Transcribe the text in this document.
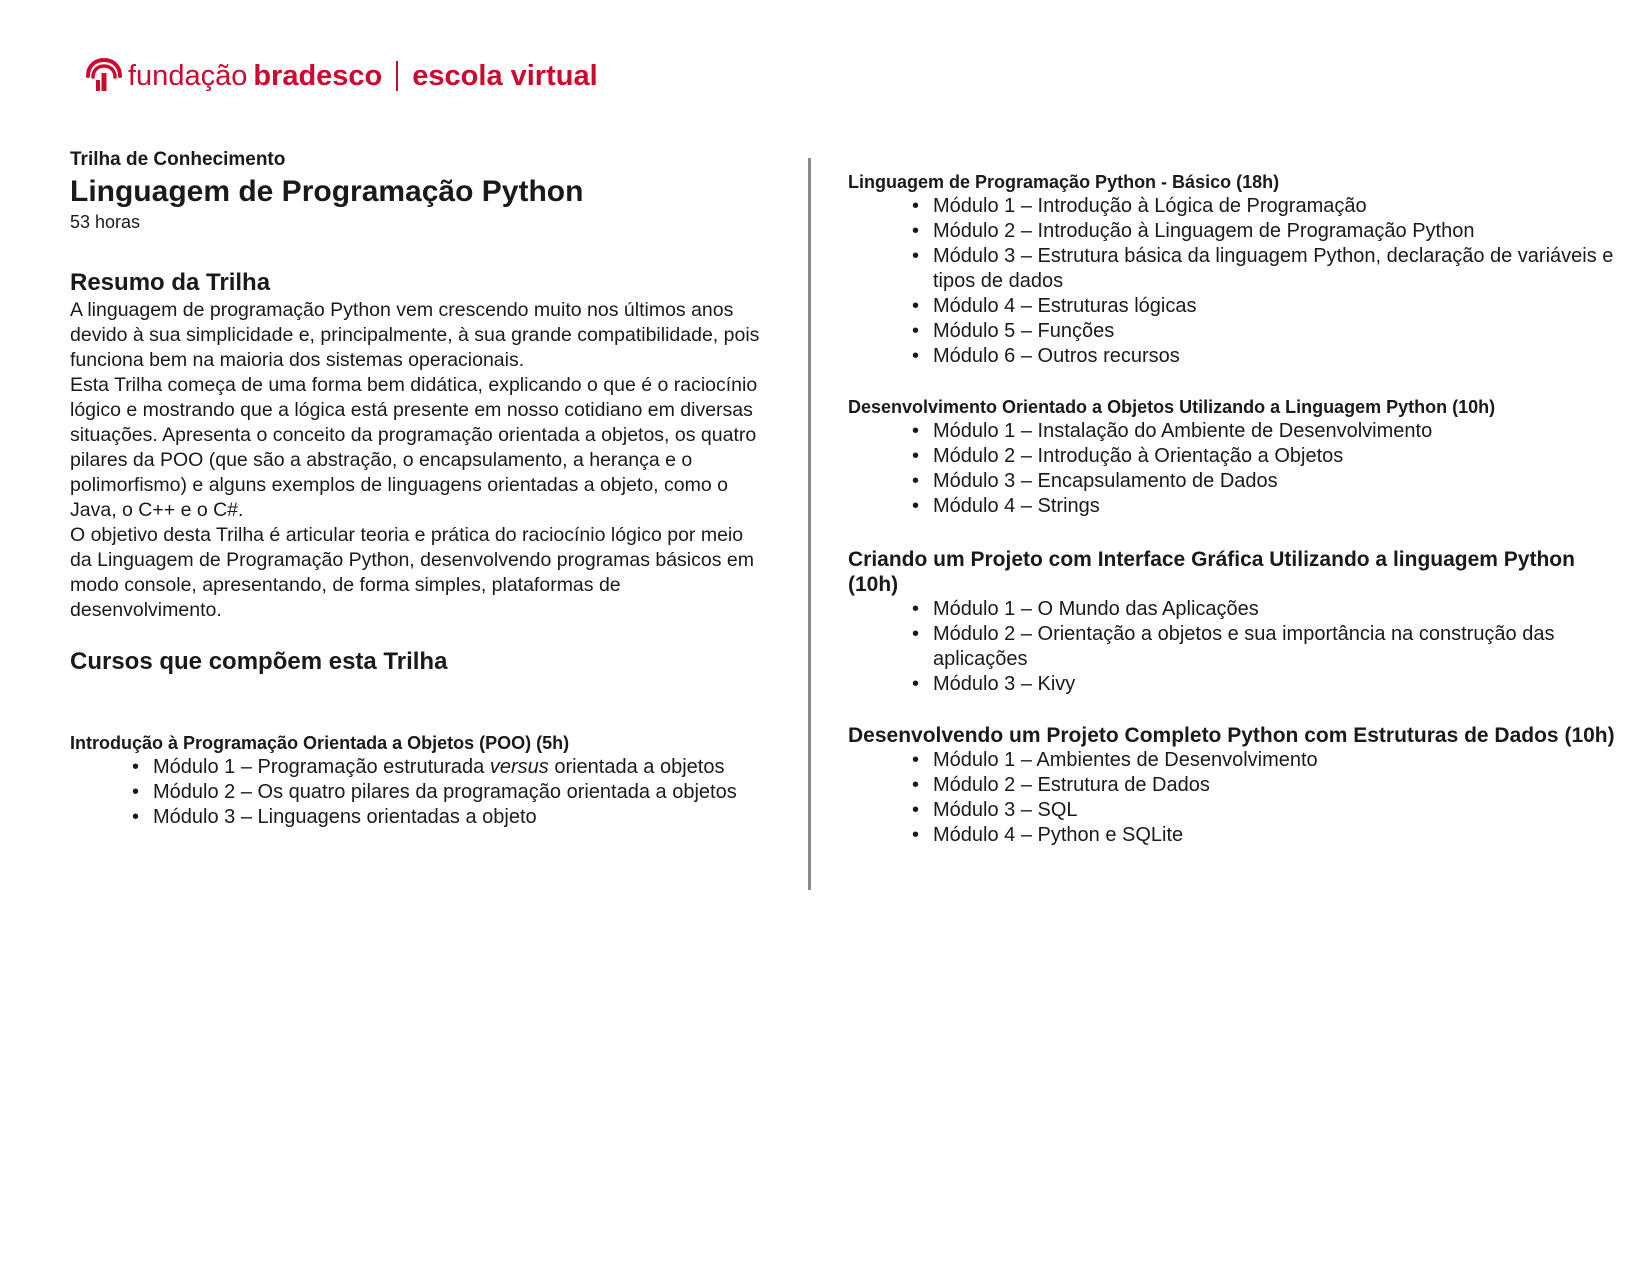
fundação bradesco escola virtual
Trilha de Conhecimento
Linguagem de Programação Python
53 horas
Resumo da Trilha
A linguagem de programação Python vem crescendo muito nos últimos anos devido à sua simplicidade e, principalmente, à sua grande compatibilidade, pois funciona bem na maioria dos sistemas operacionais.
Esta Trilha começa de uma forma bem didática, explicando o que é o raciocínio lógico e mostrando que a lógica está presente em nosso cotidiano em diversas situações. Apresenta o conceito da programação orientada a objetos, os quatro pilares da POO (que são a abstração, o encapsulamento, a herança e o polimorfismo) e alguns exemplos de linguagens orientadas a objeto, como o Java, o C++ e o C#.
O objetivo desta Trilha é articular teoria e prática do raciocínio lógico por meio da Linguagem de Programação Python, desenvolvendo programas básicos em modo console, apresentando, de forma simples, plataformas de desenvolvimento.
Cursos que compõem esta Trilha
Introdução à Programação Orientada a Objetos (POO) (5h)
• Módulo 1 – Programação estruturada versus orientada a objetos
• Módulo 2 – Os quatro pilares da programação orientada a objetos
• Módulo 3 – Linguagens orientadas a objeto
Linguagem de Programação Python - Básico (18h)
• Módulo 1 – Introdução à Lógica de Programação
• Módulo 2 – Introdução à Linguagem de Programação Python
• Módulo 3 – Estrutura básica da linguagem Python, declaração de variáveis e tipos de dados
• Módulo 4 – Estruturas lógicas
• Módulo 5 – Funções
• Módulo 6 – Outros recursos
Desenvolvimento Orientado a Objetos Utilizando a Linguagem Python (10h)
• Módulo 1 – Instalação do Ambiente de Desenvolvimento
• Módulo 2 – Introdução à Orientação a Objetos
• Módulo 3 – Encapsulamento de Dados
• Módulo 4 – Strings
Criando um Projeto com Interface Gráfica Utilizando a linguagem Python (10h)
• Módulo 1 – O Mundo das Aplicações
• Módulo 2 – Orientação a objetos e sua importância na construção das aplicações
• Módulo 3 – Kivy
Desenvolvendo um Projeto Completo Python com Estruturas de Dados (10h)
• Módulo 1 – Ambientes de Desenvolvimento
• Módulo 2 – Estrutura de Dados
• Módulo 3 – SQL
• Módulo 4 – Python e SQLite
